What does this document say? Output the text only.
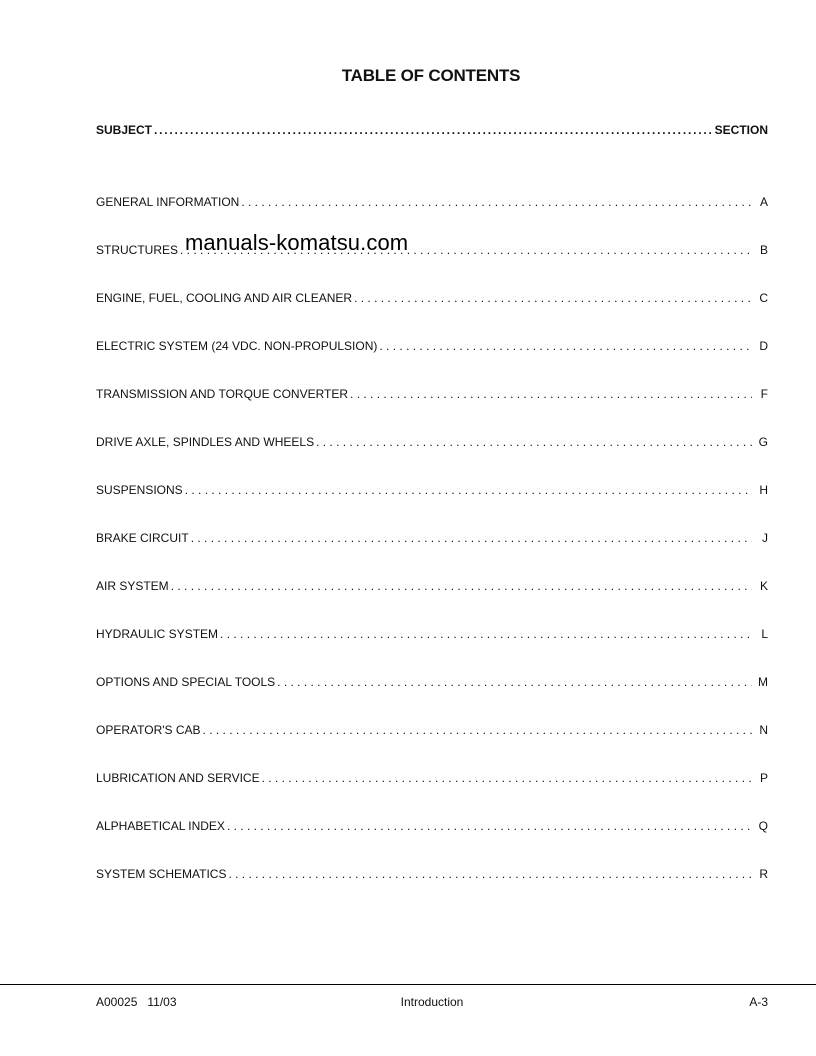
TABLE OF CONTENTS
SUBJECT .....	SECTION
GENERAL INFORMATION . . .	A
STRUCTURES . . .	B
ENGINE, FUEL, COOLING AND AIR CLEANER . . .	C
ELECTRIC SYSTEM (24 VDC. NON-PROPULSION) . . .	D
TRANSMISSION AND TORQUE CONVERTER . . .	F
DRIVE AXLE, SPINDLES AND WHEELS . . .	G
SUSPENSIONS . . .	H
BRAKE CIRCUIT . . .	J
AIR SYSTEM . . .	K
HYDRAULIC SYSTEM . . .	L
OPTIONS AND SPECIAL TOOLS . . .	M
OPERATOR'S CAB . . .	N
LUBRICATION AND SERVICE . . .	P
ALPHABETICAL INDEX . . .	Q
SYSTEM SCHEMATICS . . .	R
manuals-komatsu.com
A00025 11/03	Introduction	A-3
